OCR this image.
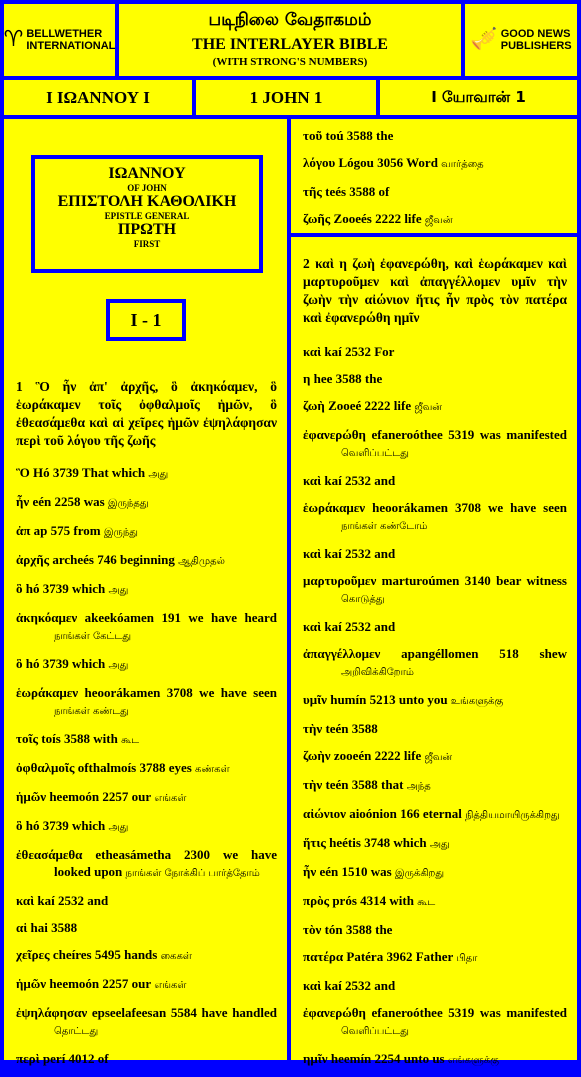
♈ BELLWETHER
INTERNATIONAL
படிநிலை வேதாகமம்
THE INTERLAYER BIBLE
(WITH STRONG'S NUMBERS)
🎺 GOOD NEWS
PUBLISHERS
I ΙΩΑΝΝΟΥ Ι	1 JOHN 1	I யோவான் 1
ΙΩΑΝΝΟΥ
OF JOHN
ΕΠΙΣΤΟΛΗ ΚΑΘΟΛΙΚΗ
EPISTLE GENERAL
ΠΡΩΤΗ
FIRST
I - 1
1 Ὃ ἦν ἀπ' ἀρχῆς, ὃ ἀκηκόαμεν, ὃ ἑωράκαμεν τοῖς ὀφθαλμοῖς ἡμῶν, ὃ ἐθεασάμεθα καὶ αἱ χεῖρες ἡμῶν ἐψηλάφησαν περὶ τοῦ λόγου τῆς ζωῆς
Ὃ Hó 3739 That which அது
ἦν eén 2258 was இருந்தது
ἀπ ap 575 from இருந்து
ἀρχῆς archeés 746 beginning ஆதிமுதல்
ὃ hó 3739 which அது
ἀκηκόαμεν akeekóamen 191 we have heard நாங்கள் கேட்டது
ὃ hó 3739 which அது
ἑωράκαμεν heoorákamen 3708 we have seen நாங்கள் கண்டது
τοῖς toís 3588 with கூட
ὀφθαλμοῖς ofthalmoís 3788 eyes கண்கள்
ἡμῶν heemoón 2257 our எங்கள்
ὃ hó 3739 which அது
ἐθεασάμεθα etheasámetha 2300 we have looked upon நாங்கள் நோக்கிப் பார்த்தோம்
καὶ kaí 2532 and
αἱ hai 3588
χεῖρες cheíres 5495 hands கைகள்
ἡμῶν heemoón 2257 our எங்கள்
ἐψηλάφησαν epseelafeesan 5584 have handled தொட்டது
περὶ perí 4012 of
τοῦ toú 3588 the
λόγου Lógou 3056 Word வார்த்தை
τῆς teés 3588 of
ζωῆς Zooeés 2222 life ஜீவன்
2 καὶ η ζωὴ ἐφανερώθη, καὶ ἑωράκαμεν καὶ μαρτυροῦμεν καὶ ἀπαγγέλλομεν υμῖν τὴν ζωὴν τὴν αἰώνιον ἥτις ἦν πρὸς τὸν πατέρα καὶ ἐφανερώθη ημῖν
καὶ kaí 2532 For
η hee 3588 the
ζωὴ Zooeé 2222 life ஜீவன்
ἐφανερώθη efaneroóthee 5319 was manifested வெளிப்பட்டது
καὶ kaí 2532 and
ἑωράκαμεν heoorákamen 3708 we have seen நாங்கள் கண்டோம்
καὶ kaí 2532 and
μαρτυροῦμεν marturoúmen 3140 bear witness கொடுத்து
καὶ kaí 2532 and
ἀπαγγέλλομεν apangéllomen 518 shew அறிவிக்கிறோம்
υμῖν humín 5213 unto you உங்களுக்கு
τὴν teén 3588
ζωὴν zooeén 2222 life ஜீவன்
τὴν teén 3588 that அந்த
αἰώνιον aioónion 166 eternal நித்தியமாயிருக்கிறது
ἥτις heétis 3748 which அது
ἦν eén 1510 was இருக்கிறது
πρὸς prós 4314 with கூட
τὸν tón 3588 the
πατέρα Patéra 3962 Father பிதா
καὶ kaí 2532 and
ἐφανερώθη efaneroóthee 5319 was manifested வெளிப்பட்டது
ημῖν heemín 2254 unto us எங்களுக்கு
